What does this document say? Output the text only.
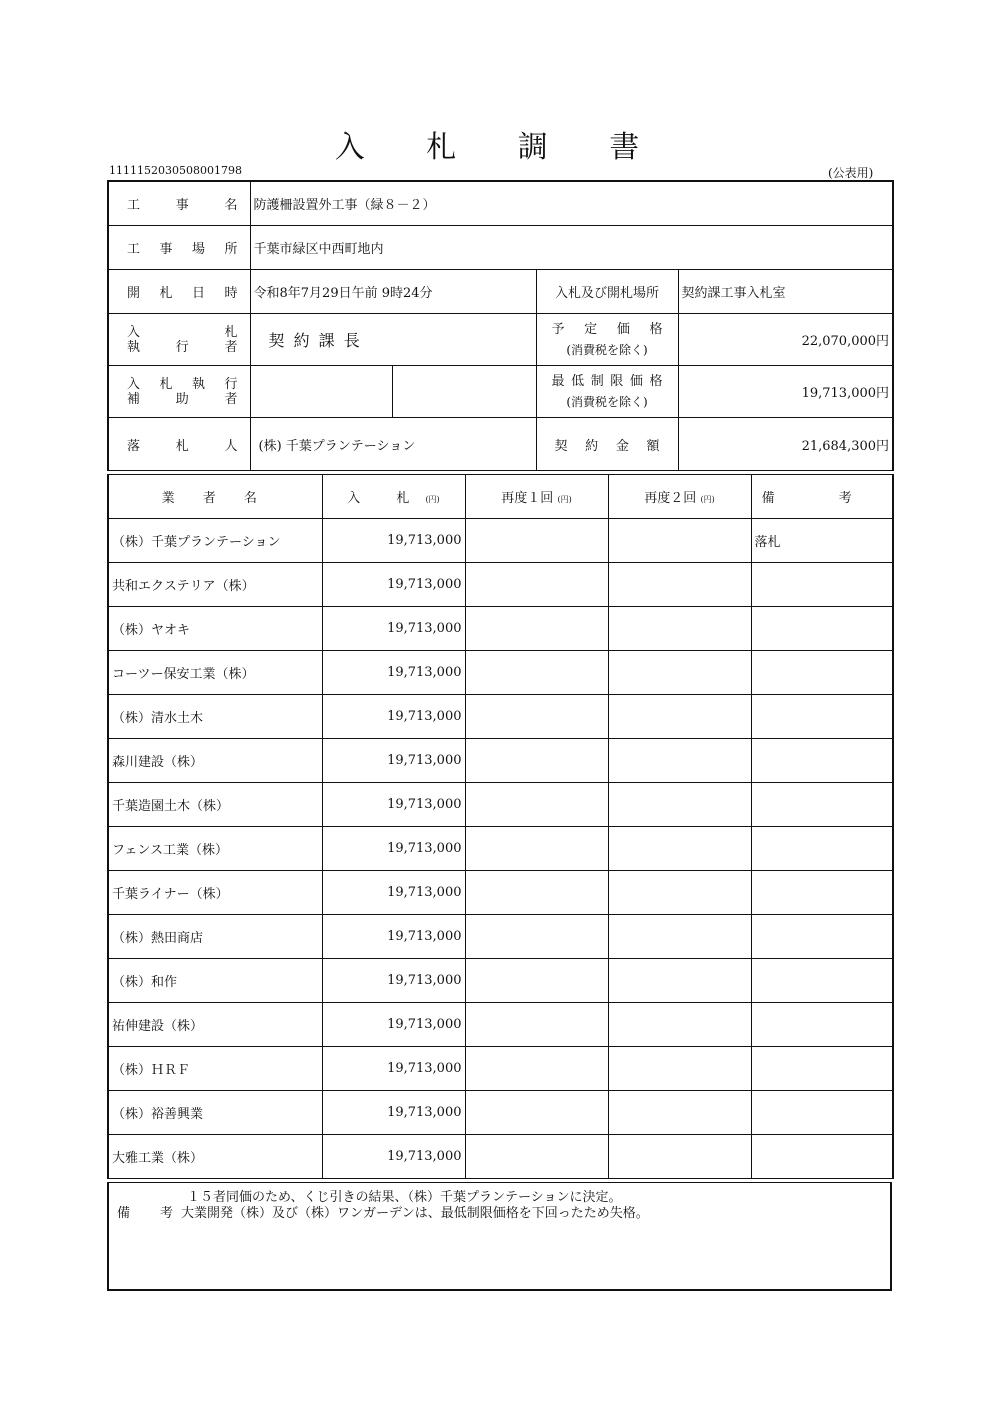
入 札 調 書
1111152030508001798	(公表用)
工 事 名	防護柵設置外工事（緑８－２）			
工 事 場 所	千葉市緑区中西町地内			
開 札 日 時	令和8年7月29日午前 9時24分		入札及び開札場所	契約課工事入札室

入 札
執 行 者	契 約 課 長		予 定 価 格
(消費税を除く)	22,070,000円

入 札 執 行
補 助 者			最 低 制 限 価 格
(消費税を除く)	19,713,000円
落 札 人	(株) 千葉プランテーション		契 約 金 額	21,684,300円
業 者 名	入 札(円)	再度１回 (円)	再度２回 (円)	備 考
（株）千葉プランテーション	19,713,000			落札
共和エクステリア（株）	19,713,000			
（株）ヤオキ	19,713,000			
コーツー保安工業（株）	19,713,000			
（株）清水土木	19,713,000			
森川建設（株）	19,713,000			
千葉造園土木（株）	19,713,000			
フェンス工業（株）	19,713,000			
千葉ライナー（株）	19,713,000			
（株）熱田商店	19,713,000			
（株）和作	19,713,000			
祐伸建設（株）	19,713,000			
（株）ＨＲＦ	19,713,000			
（株）裕善興業	19,713,000			
大雅工業（株）	19,713,000			
１５者同価のため、くじ引きの結果、（株）千葉プランテーションに決定。
備 考 大業開発（株）及び（株）ワンガーデンは、最低制限価格を下回ったため失格。
